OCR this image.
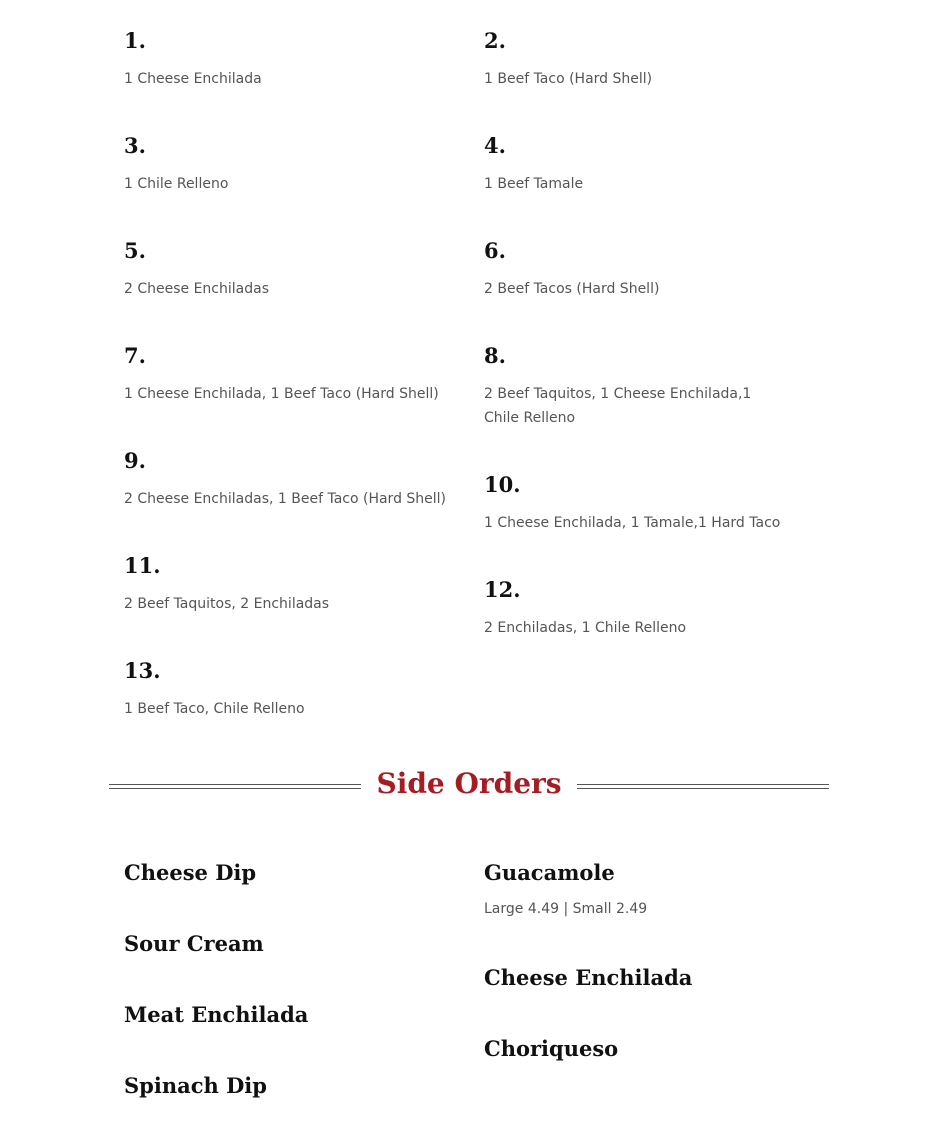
1.
1 Cheese Enchilada
3.
1 Chile Relleno
5.
2 Cheese Enchiladas
7.
1 Cheese Enchilada, 1 Beef Taco (Hard Shell)
9.
2 Cheese Enchiladas, 1 Beef Taco (Hard Shell)
11.
2 Beef Taquitos, 2 Enchiladas
13.
1 Beef Taco, Chile Relleno
2.
1 Beef Taco (Hard Shell)
4.
1 Beef Tamale
6.
2 Beef Tacos (Hard Shell)
8.
2 Beef Taquitos, 1 Cheese Enchilada,1 Chile Relleno
10.
1 Cheese Enchilada, 1 Tamale,1 Hard Taco
12.
2 Enchiladas, 1 Chile Relleno
Side Orders
Cheese Dip
Sour Cream
Meat Enchilada
Spinach Dip
Guacamole
Large 4.49 | Small 2.49
Cheese Enchilada
Choriqueso
